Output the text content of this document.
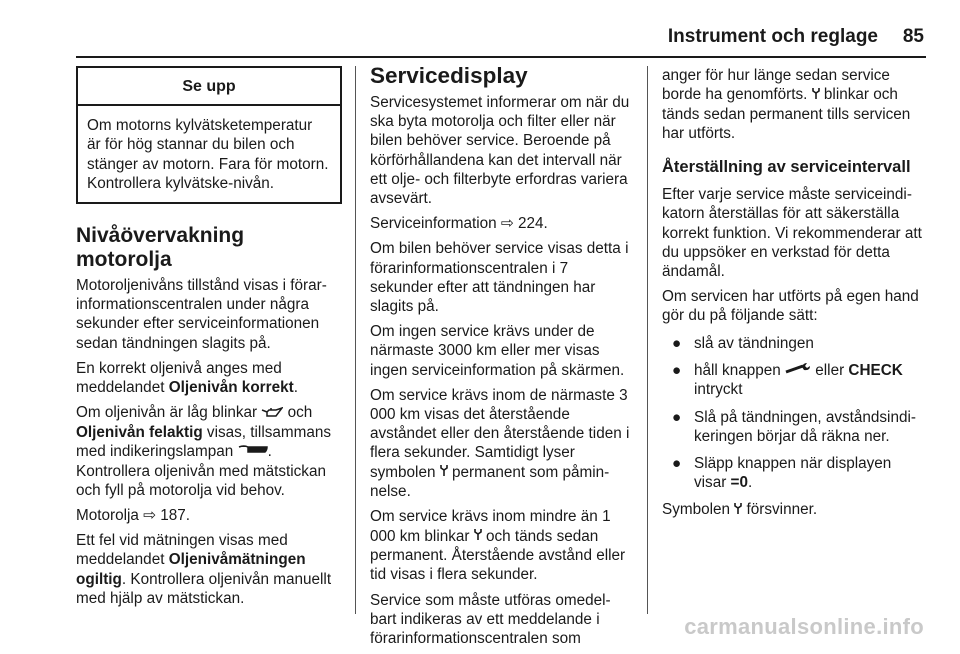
Instrument och reglage 85
Se upp
Om motorns kylvätsketemperatur är för hög stannar du bilen och stänger av motorn. Fara för motorn. Kontrollera kylvätske-nivån.
Nivåövervakning motorolja

Motoroljenivåns tillstånd visas i förar-informationscentralen under några sekunder efter serviceinformationen sedan tändningen slagits på.

En korrekt oljenivå anges med meddelandet Oljenivån korrekt.

Om oljenivån är låg blinkar  och Oljenivån felaktig visas, tillsammans med indikeringslampan . Kontrollera oljenivån med mätstickan och fyll på motorolja vid behov.

Motorolja ⇨ 187.

Ett fel vid mätningen visas med meddelandet Oljenivåmätningen ogiltig. Kontrollera oljenivån manuellt med hjälp av mätstickan.

Servicedisplay

Servicesystemet informerar om när du ska byta motorolja och filter eller när bilen behöver service. Beroende på körförhållandena kan det intervall när ett olje- och filterbyte erfordras variera avsevärt.

Serviceinformation ⇨ 224.

Om bilen behöver service visas detta i förarinformationscentralen i 7 sekunder efter att tändningen har slagits på.

Om ingen service krävs under de närmaste 3000 km eller mer visas ingen serviceinformation på skärmen.

Om service krävs inom de närmaste 3 000 km visas det återstående avståndet eller den återstående tiden i flera sekunder. Samtidigt lyser symbolen  permanent som påmin-nelse.

Om service krävs inom mindre än 1 000 km blinkar  och tänds sedan permanent. Återstående avstånd eller tid visas i flera sekunder.

Service som måste utföras omedel-bart indikeras av ett meddelande i förarinformationscentralen som

anger för hur länge sedan service borde ha genomförts.  blinkar och tänds sedan permanent tills servicen har utförts.

Återställning av serviceintervall

Efter varje service måste serviceindi-katorn återställas för att säkerställa korrekt funktion. Vi rekommenderar att du uppsöker en verkstad för detta ändamål.

Om servicen har utförts på egen hand gör du på följande sätt:

● slå av tändningen
● håll knappen  eller CHECK intryckt
● Slå på tändningen, avståndsindi-keringen börjar då räkna ner.
● Släpp knappen när displayen visar =0.

Symbolen  försvinner.

carmanualsonline.info
